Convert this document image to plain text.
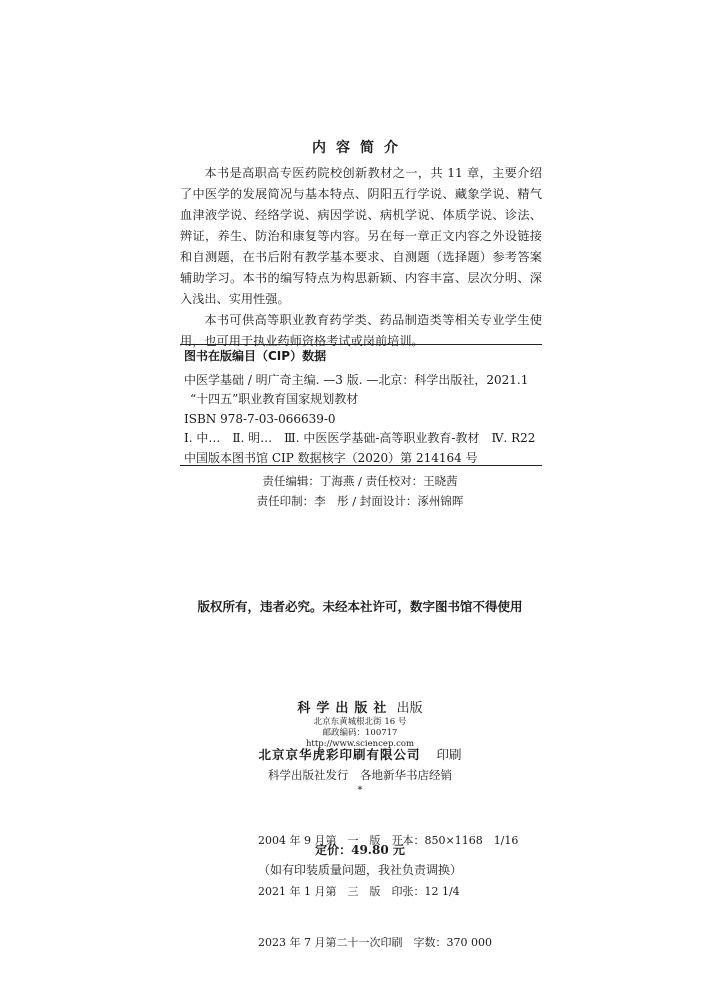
内容简介

本书是高职高专医药院校创新教材之一，共 11 章，主要介绍了中医学的发展简况与基本特点、阴阳五行学说、藏象学说、精气血津液学说、经络学说、病因学说、病机学说、体质学说、诊法、辨证，养生、防治和康复等内容。另在每一章正文内容之外设链接和自测题，在书后附有教学基本要求、自测题（选择题）参考答案辅助学习。本书的编写特点为构思新颖、内容丰富、层次分明、深入浅出、实用性强。

本书可供高等职业教育药学类、药品制造类等相关专业学生使用，也可用于执业药师资格考试或岗前培训。

图书在版编目（CIP）数据
中医学基础 / 明广奇主编. —3 版. —北京：科学出版社，2021.1
“十四五”职业教育国家规划教材
ISBN 978-7-03-066639-0
Ⅰ. 中…　Ⅱ. 明…　Ⅲ. 中医医学基础-高等职业教育-教材　Ⅳ. R22
中国版本图书馆 CIP 数据核字（2020）第 214164 号
责任编辑：丁海燕 / 责任校对：王晓茜
责任印制：李　彤 / 封面设计：涿州锦晖
版权所有，违者必究。未经本社许可，数字图书馆不得使用
科学出版社 出版
北京东黄城根北街 16 号
邮政编码：100717
http://www.sciencep.com
北京京华虎彩印刷有限公司 印刷
科学出版社发行　各地新华书店经销
*

2004 年 9 月第　一　版　开本：850×1168　1/16

2021 年 1 月第　三　版　印张：12 1/4

2023 年 7 月第二十一次印刷　字数：370 000

定价：49.80 元
（如有印装质量问题，我社负责调换）
